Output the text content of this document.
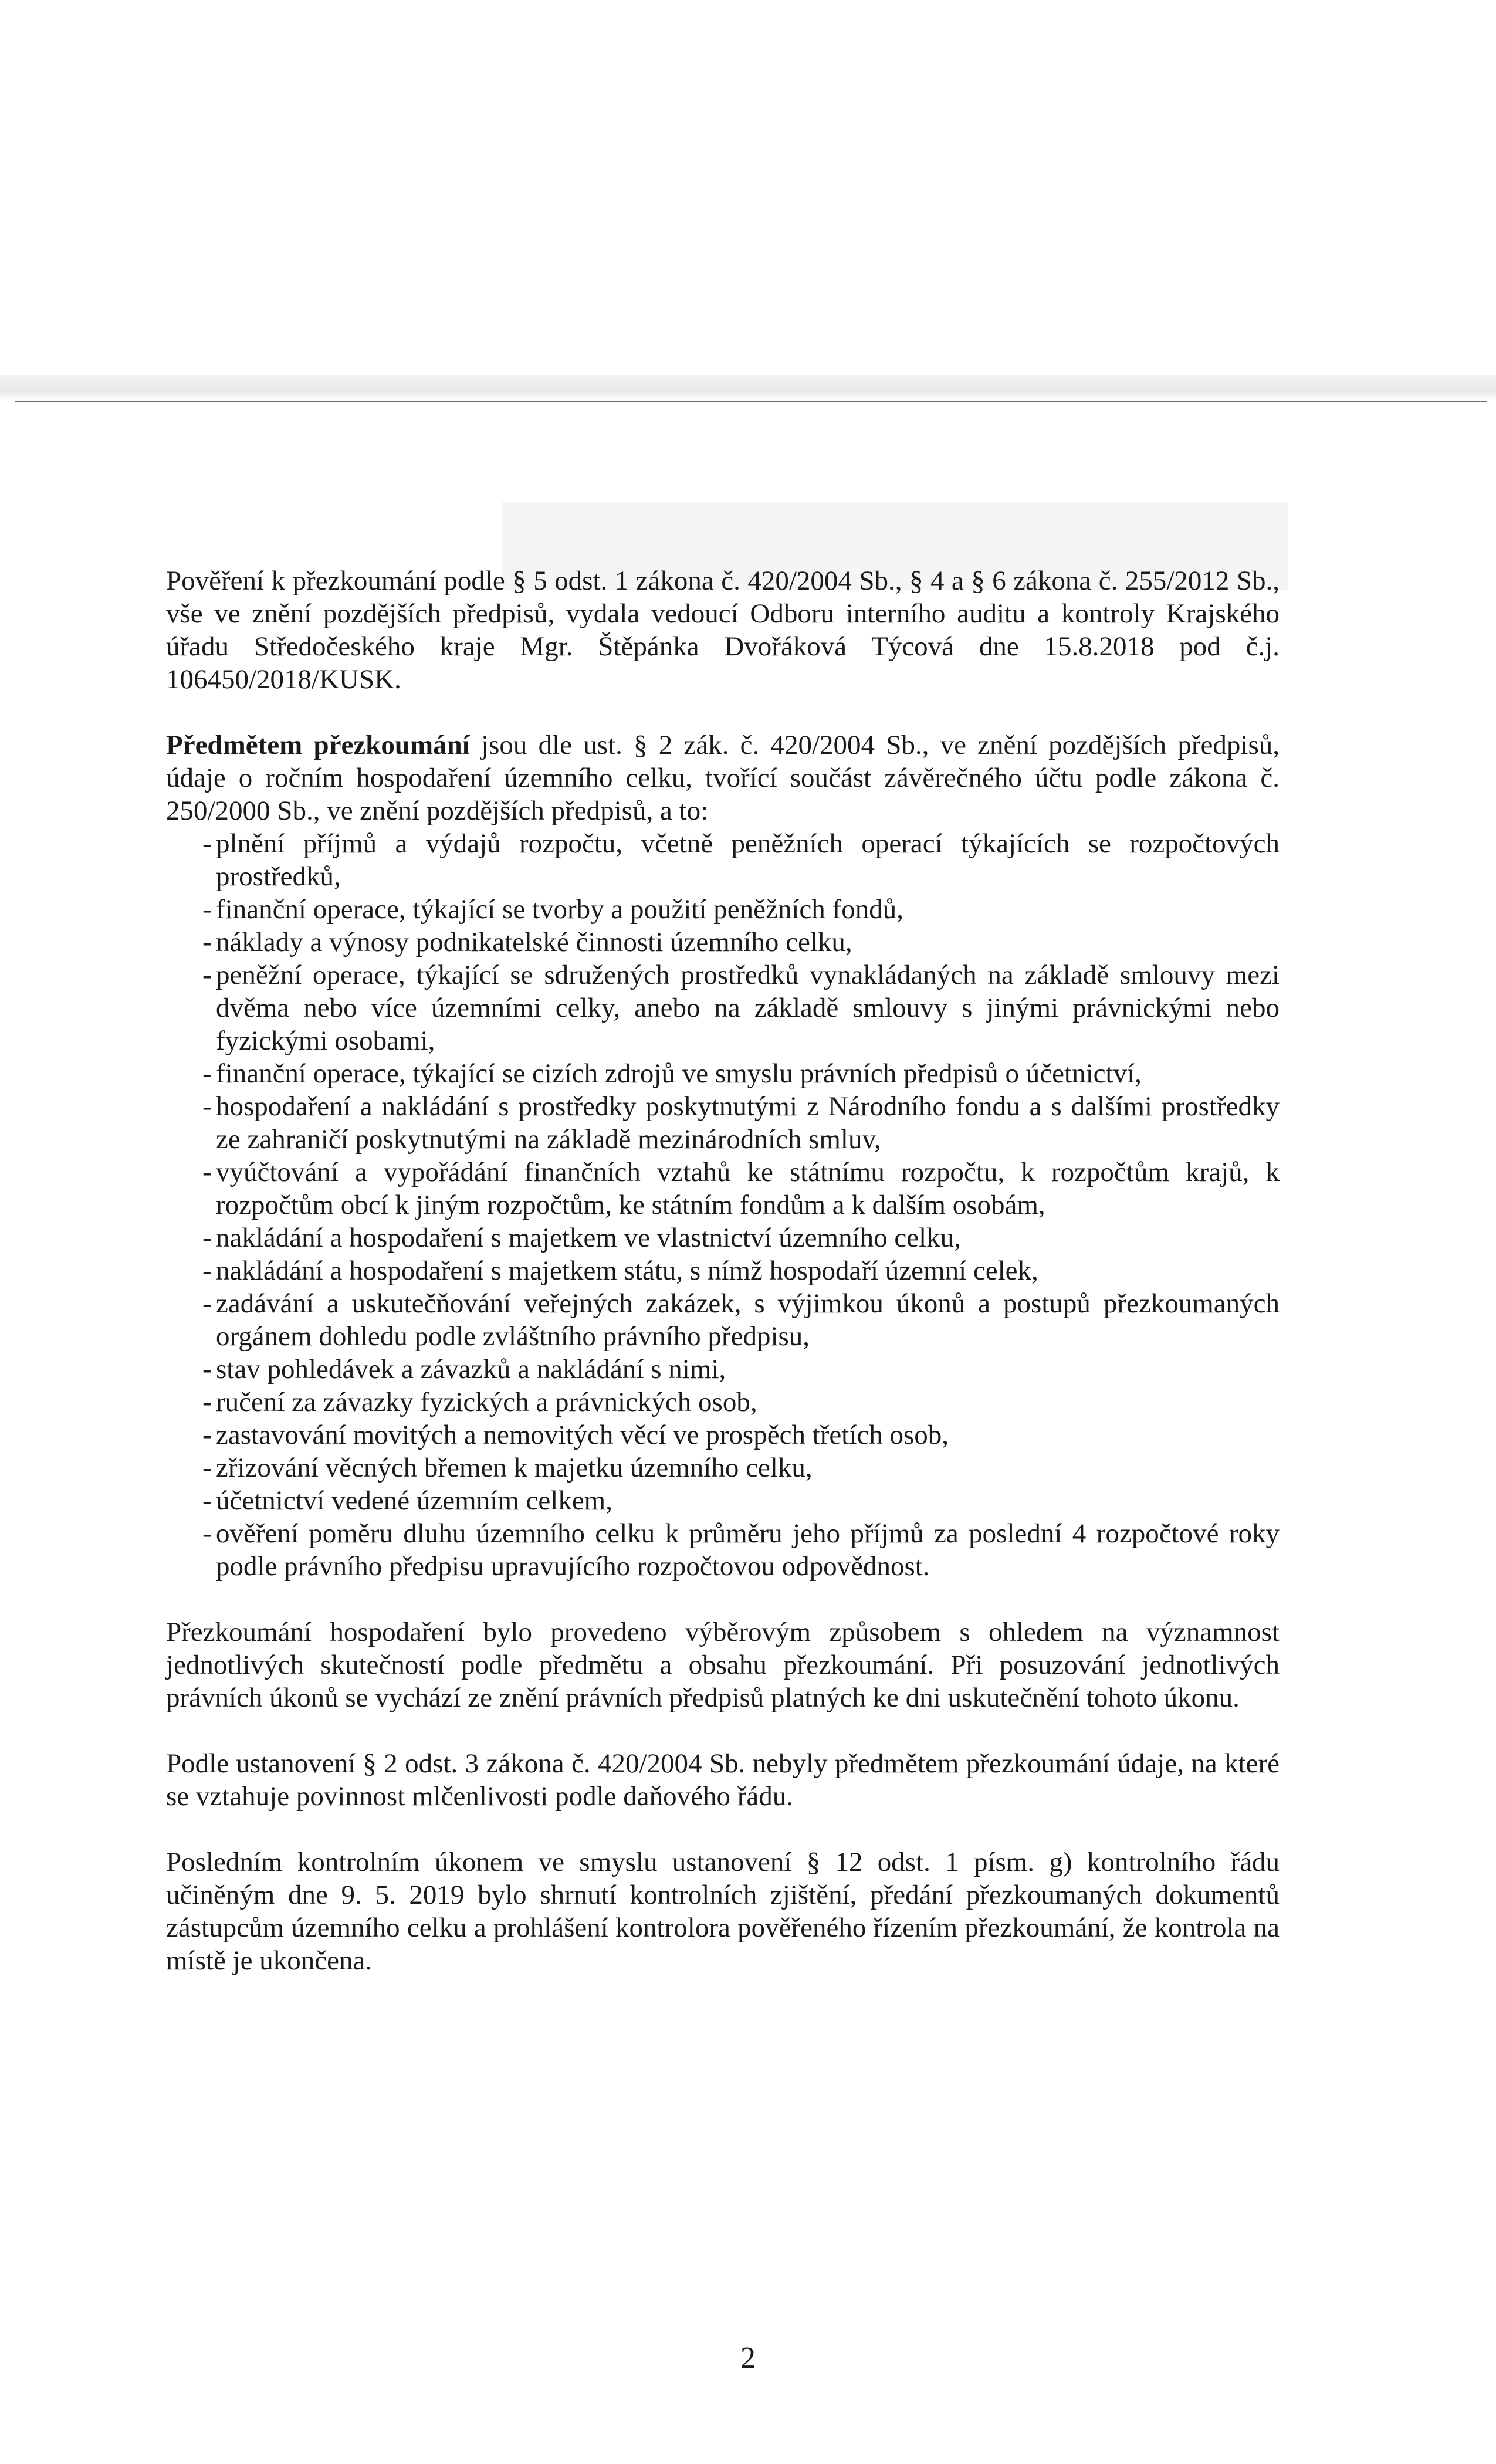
Pověření k přezkoumání podle § 5 odst. 1 zákona č. 420/2004 Sb., § 4 a § 6 zákona č. 255/2012 Sb., vše ve znění pozdějších předpisů, vydala vedoucí Odboru interního auditu a kontroly Krajského úřadu Středočeského kraje Mgr. Štěpánka Dvořáková Týcová dne 15.8.2018 pod č.j. 106450/2018/KUSK.

Předmětem přezkoumání jsou dle ust. § 2 zák. č. 420/2004 Sb., ve znění pozdějších předpisů, údaje o ročním hospodaření územního celku, tvořící součást závěrečného účtu podle zákona č. 250/2000 Sb., ve znění pozdějších předpisů, a to:

- plnění příjmů a výdajů rozpočtu, včetně peněžních operací týkajících se rozpočtových prostředků,
- finanční operace, týkající se tvorby a použití peněžních fondů,
- náklady a výnosy podnikatelské činnosti územního celku,
- peněžní operace, týkající se sdružených prostředků vynakládaných na základě smlouvy mezi dvěma nebo více územními celky, anebo na základě smlouvy s jinými právnickými nebo fyzickými osobami,
- finanční operace, týkající se cizích zdrojů ve smyslu právních předpisů o účetnictví,
- hospodaření a nakládání s prostředky poskytnutými z Národního fondu a s dalšími prostředky ze zahraničí poskytnutými na základě mezinárodních smluv,
- vyúčtování a vypořádání finančních vztahů ke státnímu rozpočtu, k rozpočtům krajů, k rozpočtům obcí k jiným rozpočtům, ke státním fondům a k dalším osobám,
- nakládání a hospodaření s majetkem ve vlastnictví územního celku,
- nakládání a hospodaření s majetkem státu, s nímž hospodaří územní celek,
- zadávání a uskutečňování veřejných zakázek, s výjimkou úkonů a postupů přezkoumaných orgánem dohledu podle zvláštního právního předpisu,
- stav pohledávek a závazků a nakládání s nimi,
- ručení za závazky fyzických a právnických osob,
- zastavování movitých a nemovitých věcí ve prospěch třetích osob,
- zřizování věcných břemen k majetku územního celku,
- účetnictví vedené územním celkem,
- ověření poměru dluhu územního celku k průměru jeho příjmů za poslední 4 rozpočtové roky podle právního předpisu upravujícího rozpočtovou odpovědnost.

Přezkoumání hospodaření bylo provedeno výběrovým způsobem s ohledem na významnost jednotlivých skutečností podle předmětu a obsahu přezkoumání. Při posuzování jednotlivých právních úkonů se vychází ze znění právních předpisů platných ke dni uskutečnění tohoto úkonu.

Podle ustanovení § 2 odst. 3 zákona č. 420/2004 Sb. nebyly předmětem přezkoumání údaje, na které se vztahuje povinnost mlčenlivosti podle daňového řádu.

Posledním kontrolním úkonem ve smyslu ustanovení § 12 odst. 1 písm. g) kontrolního řádu učiněným dne 9. 5. 2019 bylo shrnutí kontrolních zjištění, předání přezkoumaných dokumentů zástupcům územního celku a prohlášení kontrolora pověřeného řízením přezkoumání, že kontrola na místě je ukončena.

2
